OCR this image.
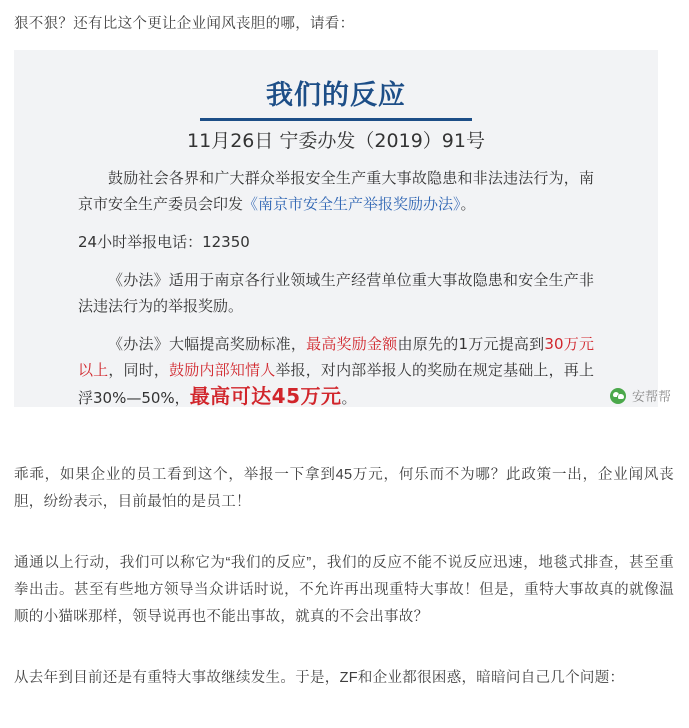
狠不狠？还有比这个更让企业闻风丧胆的哪，请看：
我们的反应
11月26日 宁委办发（2019）91号

鼓励社会各界和广大群众举报安全生产重大事故隐患和非法违法行为，南京市安全生产委员会印发《南京市安全生产举报奖励办法》。

24小时举报电话：12350

《办法》适用于南京各行业领域生产经营单位重大事故隐患和安全生产非法违法行为的举报奖励。

《办法》大幅提高奖励标准，最高奖励金额由原先的1万元提高到30万元以上，同时，鼓励内部知情人举报，对内部举报人的奖励在规定基础上，再上浮30%—50%，最高可达45万元。	安帮帮
乖乖，如果企业的员工看到这个，举报一下拿到45万元，何乐而不为哪？此政策一出，企业闻风丧胆，纷纷表示，目前最怕的是员工！
通通以上行动，我们可以称它为“我们的反应”，我们的反应不能不说反应迅速，地毯式排查，甚至重拳出击。甚至有些地方领导当众讲话时说，不允许再出现重特大事故！但是，重特大事故真的就像温顺的小猫咪那样，领导说再也不能出事故，就真的不会出事故？
从去年到目前还是有重特大事故继续发生。于是，ZF和企业都很困惑，暗暗问自己几个问题：
